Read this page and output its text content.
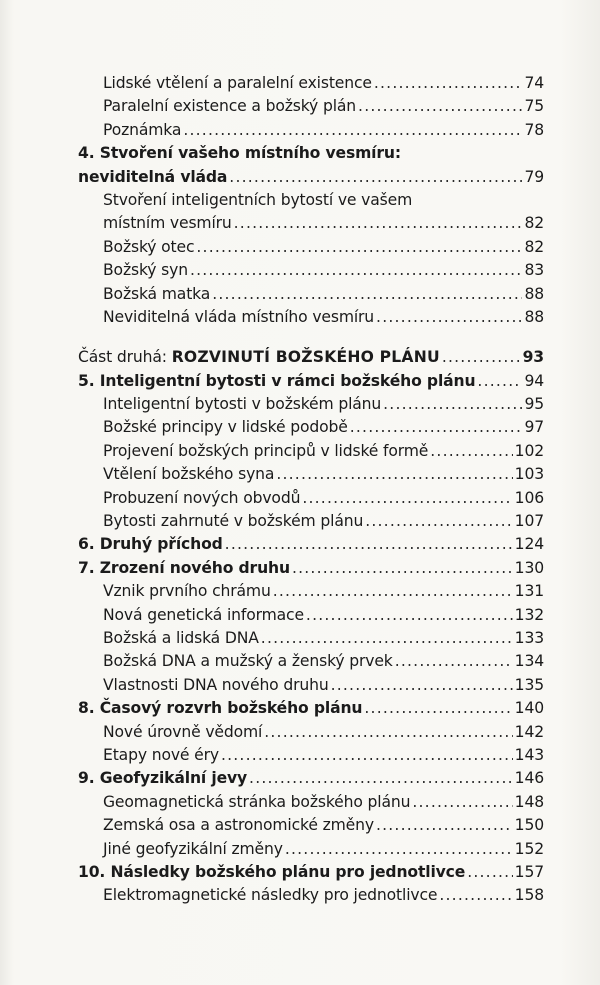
Lidské vtělení a paralelní existence .....	74
Paralelní existence a božský plán .....	75
Poznámka .....	78
4. Stvoření vašeho místního vesmíru:
neviditelná vláda .....	79
Stvoření inteligentních bytostí ve vašem
místním vesmíru .....	82
Božský otec .....	82
Božský syn .....	83
Božská matka .....	88
Neviditelná vláda místního vesmíru .....	88
Část druhá: ROZVINUTÍ BOŽSKÉHO PLÁNU .....	93
5. Inteligentní bytosti v rámci božského plánu .....	94
Inteligentní bytosti v božském plánu .....	95
Božské principy v lidské podobě .....	97
Projevení božských principů v lidské formě .....	102
Vtělení božského syna .....	103
Probuzení nových obvodů .....	106
Bytosti zahrnuté v božském plánu .....	107
6. Druhý příchod .....	124
7. Zrození nového druhu .....	130
Vznik prvního chrámu .....	131
Nová genetická informace .....	132
Božská a lidská DNA .....	133
Božská DNA a mužský a ženský prvek .....	134
Vlastnosti DNA nového druhu .....	135
8. Časový rozvrh božského plánu .....	140
Nové úrovně vědomí .....	142
Etapy nové éry .....	143
9. Geofyzikální jevy .....	146
Geomagnetická stránka božského plánu .....	148
Zemská osa a astronomické změny .....	150
Jiné geofyzikální změny .....	152
10. Následky božského plánu pro jednotlivce .....	157
Elektromagnetické následky pro jednotlivce .....	158
